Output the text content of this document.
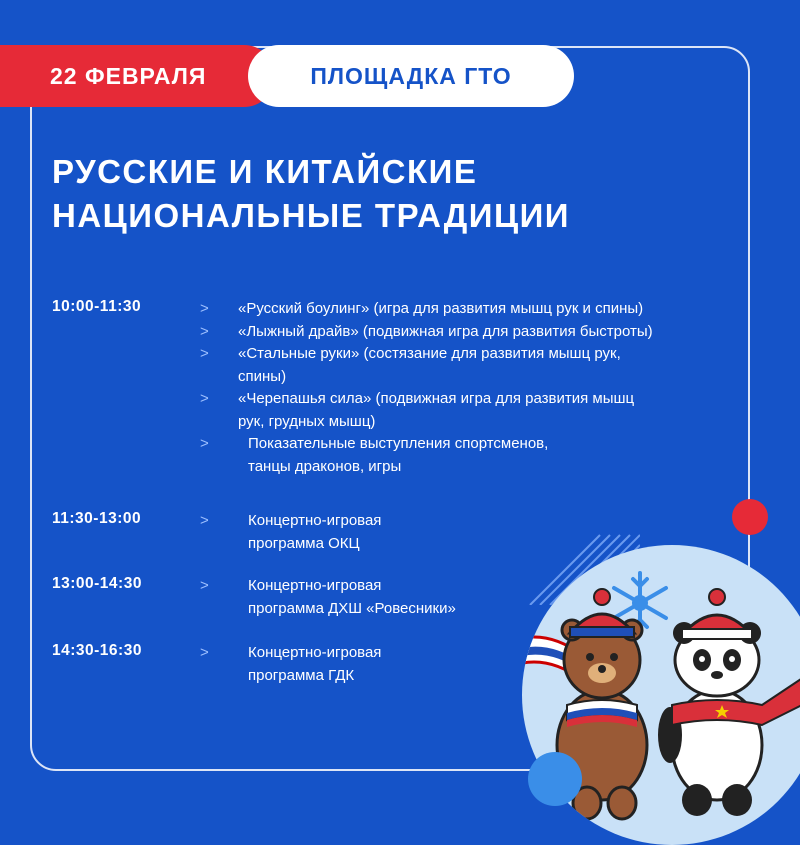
22 ФЕВРАЛЯ	ПЛОЩАДКА ГТО
РУССКИЕ И КИТАЙСКИЕ
НАЦИОНАЛЬНЫЕ ТРАДИЦИИ
10:00-11:30	>	«Русский боулинг» (игра для развития мышц рук и спины)
>	«Лыжный драйв» (подвижная игра для развития быстроты)
>	«Стальные руки» (состязание для развития мышц рук,
спины)
>	«Черепашья сила» (подвижная игра для развития мышц
рук, грудных мышц)
>	Показательные выступления спортсменов,
танцы драконов, игры
11:30-13:00	>	Концертно-игровая
программа ОКЦ
13:00-14:30	>	Концертно-игровая
программа ДХШ «Ровесники»
14:30-16:30	>	Концертно-игровая
программа ГДК
